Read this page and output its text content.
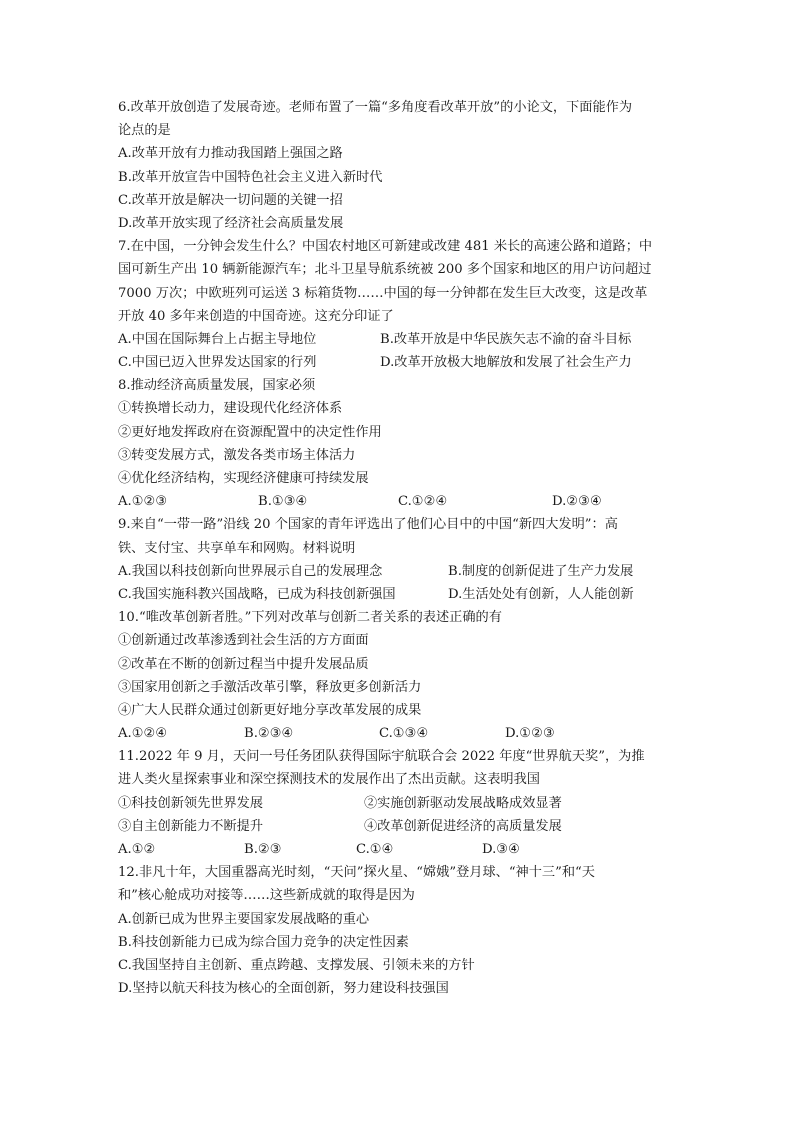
6.改革开放创造了发展奇迹。老师布置了一篇“多角度看改革开放”的小论文，下面能作为
论点的是
A.改革开放有力推动我国踏上强国之路
B.改革开放宣告中国特色社会主义进入新时代
C.改革开放是解决一切问题的关键一招
D.改革开放实现了经济社会高质量发展
7.在中国，一分钟会发生什么？中国农村地区可新建或改建 481 米长的高速公路和道路；中
国可新生产出 10 辆新能源汽车；北斗卫星导航系统被 200 多个国家和地区的用户访问超过
7000 万次；中欧班列可运送 3 标箱货物……中国的每一分钟都在发生巨大改变，这是改革
开放 40 多年来创造的中国奇迹。这充分印证了
A.中国在国际舞台上占据主导地位	B.改革开放是中华民族矢志不渝的奋斗目标
C.中国已迈入世界发达国家的行列	D.改革开放极大地解放和发展了社会生产力
8.推动经济高质量发展，国家必须
①转换增长动力，建设现代化经济体系
②更好地发挥政府在资源配置中的决定性作用
③转变发展方式，激发各类市场主体活力
④优化经济结构，实现经济健康可持续发展
A.①②③	B.①③④	C.①②④	D.②③④
9.来自“一带一路”沿线 20 个国家的青年评选出了他们心目中的中国“新四大发明”：高
铁、支付宝、共享单车和网购。材料说明
A.我国以科技创新向世界展示自己的发展理念	B.制度的创新促进了生产力发展
C.我国实施科教兴国战略，已成为科技创新强国	D.生活处处有创新，人人能创新
10.“唯改革创新者胜。”下列对改革与创新二者关系的表述正确的有
①创新通过改革渗透到社会生活的方方面面
②改革在不断的创新过程当中提升发展品质
③国家用创新之手激活改革引擎，释放更多创新活力
④广大人民群众通过创新更好地分享改革发展的成果
A.①②④	B.②③④	C.①③④	D.①②③
11.2022 年 9 月，天问一号任务团队获得国际宇航联合会 2022 年度“世界航天奖”，为推
进人类火星探索事业和深空探测技术的发展作出了杰出贡献。这表明我国
①科技创新领先世界发展	②实施创新驱动发展战略成效显著
③自主创新能力不断提升	④改革创新促进经济的高质量发展
A.①②	B.②③	C.①④	D.③④
12.非凡十年，大国重器高光时刻，“天问”探火星、“嫦娥”登月球、“神十三”和“天
和”核心舱成功对接等……这些新成就的取得是因为
A.创新已成为世界主要国家发展战略的重心
B.科技创新能力已成为综合国力竞争的决定性因素
C.我国坚持自主创新、重点跨越、支撑发展、引领未来的方针
D.坚持以航天科技为核心的全面创新，努力建设科技强国
